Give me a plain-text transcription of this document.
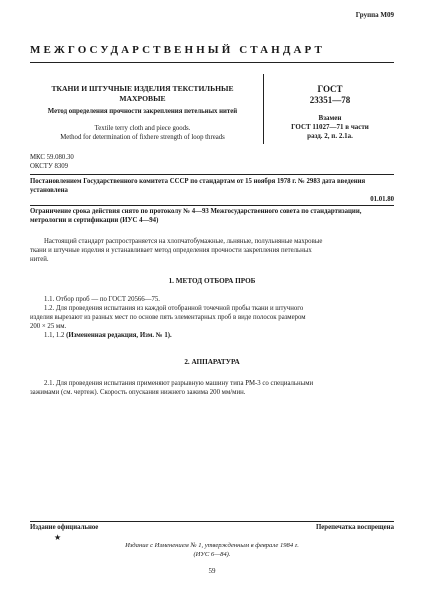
Группа М09
МЕЖГОСУДАРСТВЕННЫЙ СТАНДАРТ
ТКАНИ И ШТУЧНЫЕ ИЗДЕЛИЯ ТЕКСТИЛЬНЫЕ
МАХРОВЫЕ
Метод определения прочности закрепления петельных нитей
Textile terry cloth and piece goods.
Method for determination of fixhere strength of loop threads
ГОСТ
23351—78
Взамен
ГОСТ 11027—71 в части
разд. 2, п. 2.1а.
МКС 59.080.30
ОКСТУ 8309
Постановлением Государственного комитета СССР по стандартам от 15 ноября 1978 г. № 2983 дата введения
установлена
01.01.80
Ограничение срока действия снято по протоколу № 4—93 Межгосударственного совета по стандартизации,
метрологии и сертификации (ИУС 4—94)
Настоящий стандарт распространяется на хлопчатобумажные, льняные, полульняные махровые
ткани и штучные изделия и устанавливает метод определения прочности закрепления петельных
нитей.
1. МЕТОД ОТБОРА ПРОБ
1.1. Отбор проб — по ГОСТ 20566—75.
1.2. Для проведения испытания из каждой отобранной точечной пробы ткани и штучного
изделия вырезают из разных мест по основе пять элементарных проб в виде полосок размером
200 × 25 мм.
1.1, 1.2 (Измененная редакция, Изм. № 1).
2. АППАРАТУРА
2.1. Для проведения испытания применяют разрывную машину типа РМ-3 со специальными
зажимами (см. чертеж). Скорость опускания нижнего зажима 200 мм/мин.
Издание официальное	Перепечатка воспрещена
★
Издание с Изменением № 1, утвержденным в феврале 1984 г.
(ИУС 6—84).
59
